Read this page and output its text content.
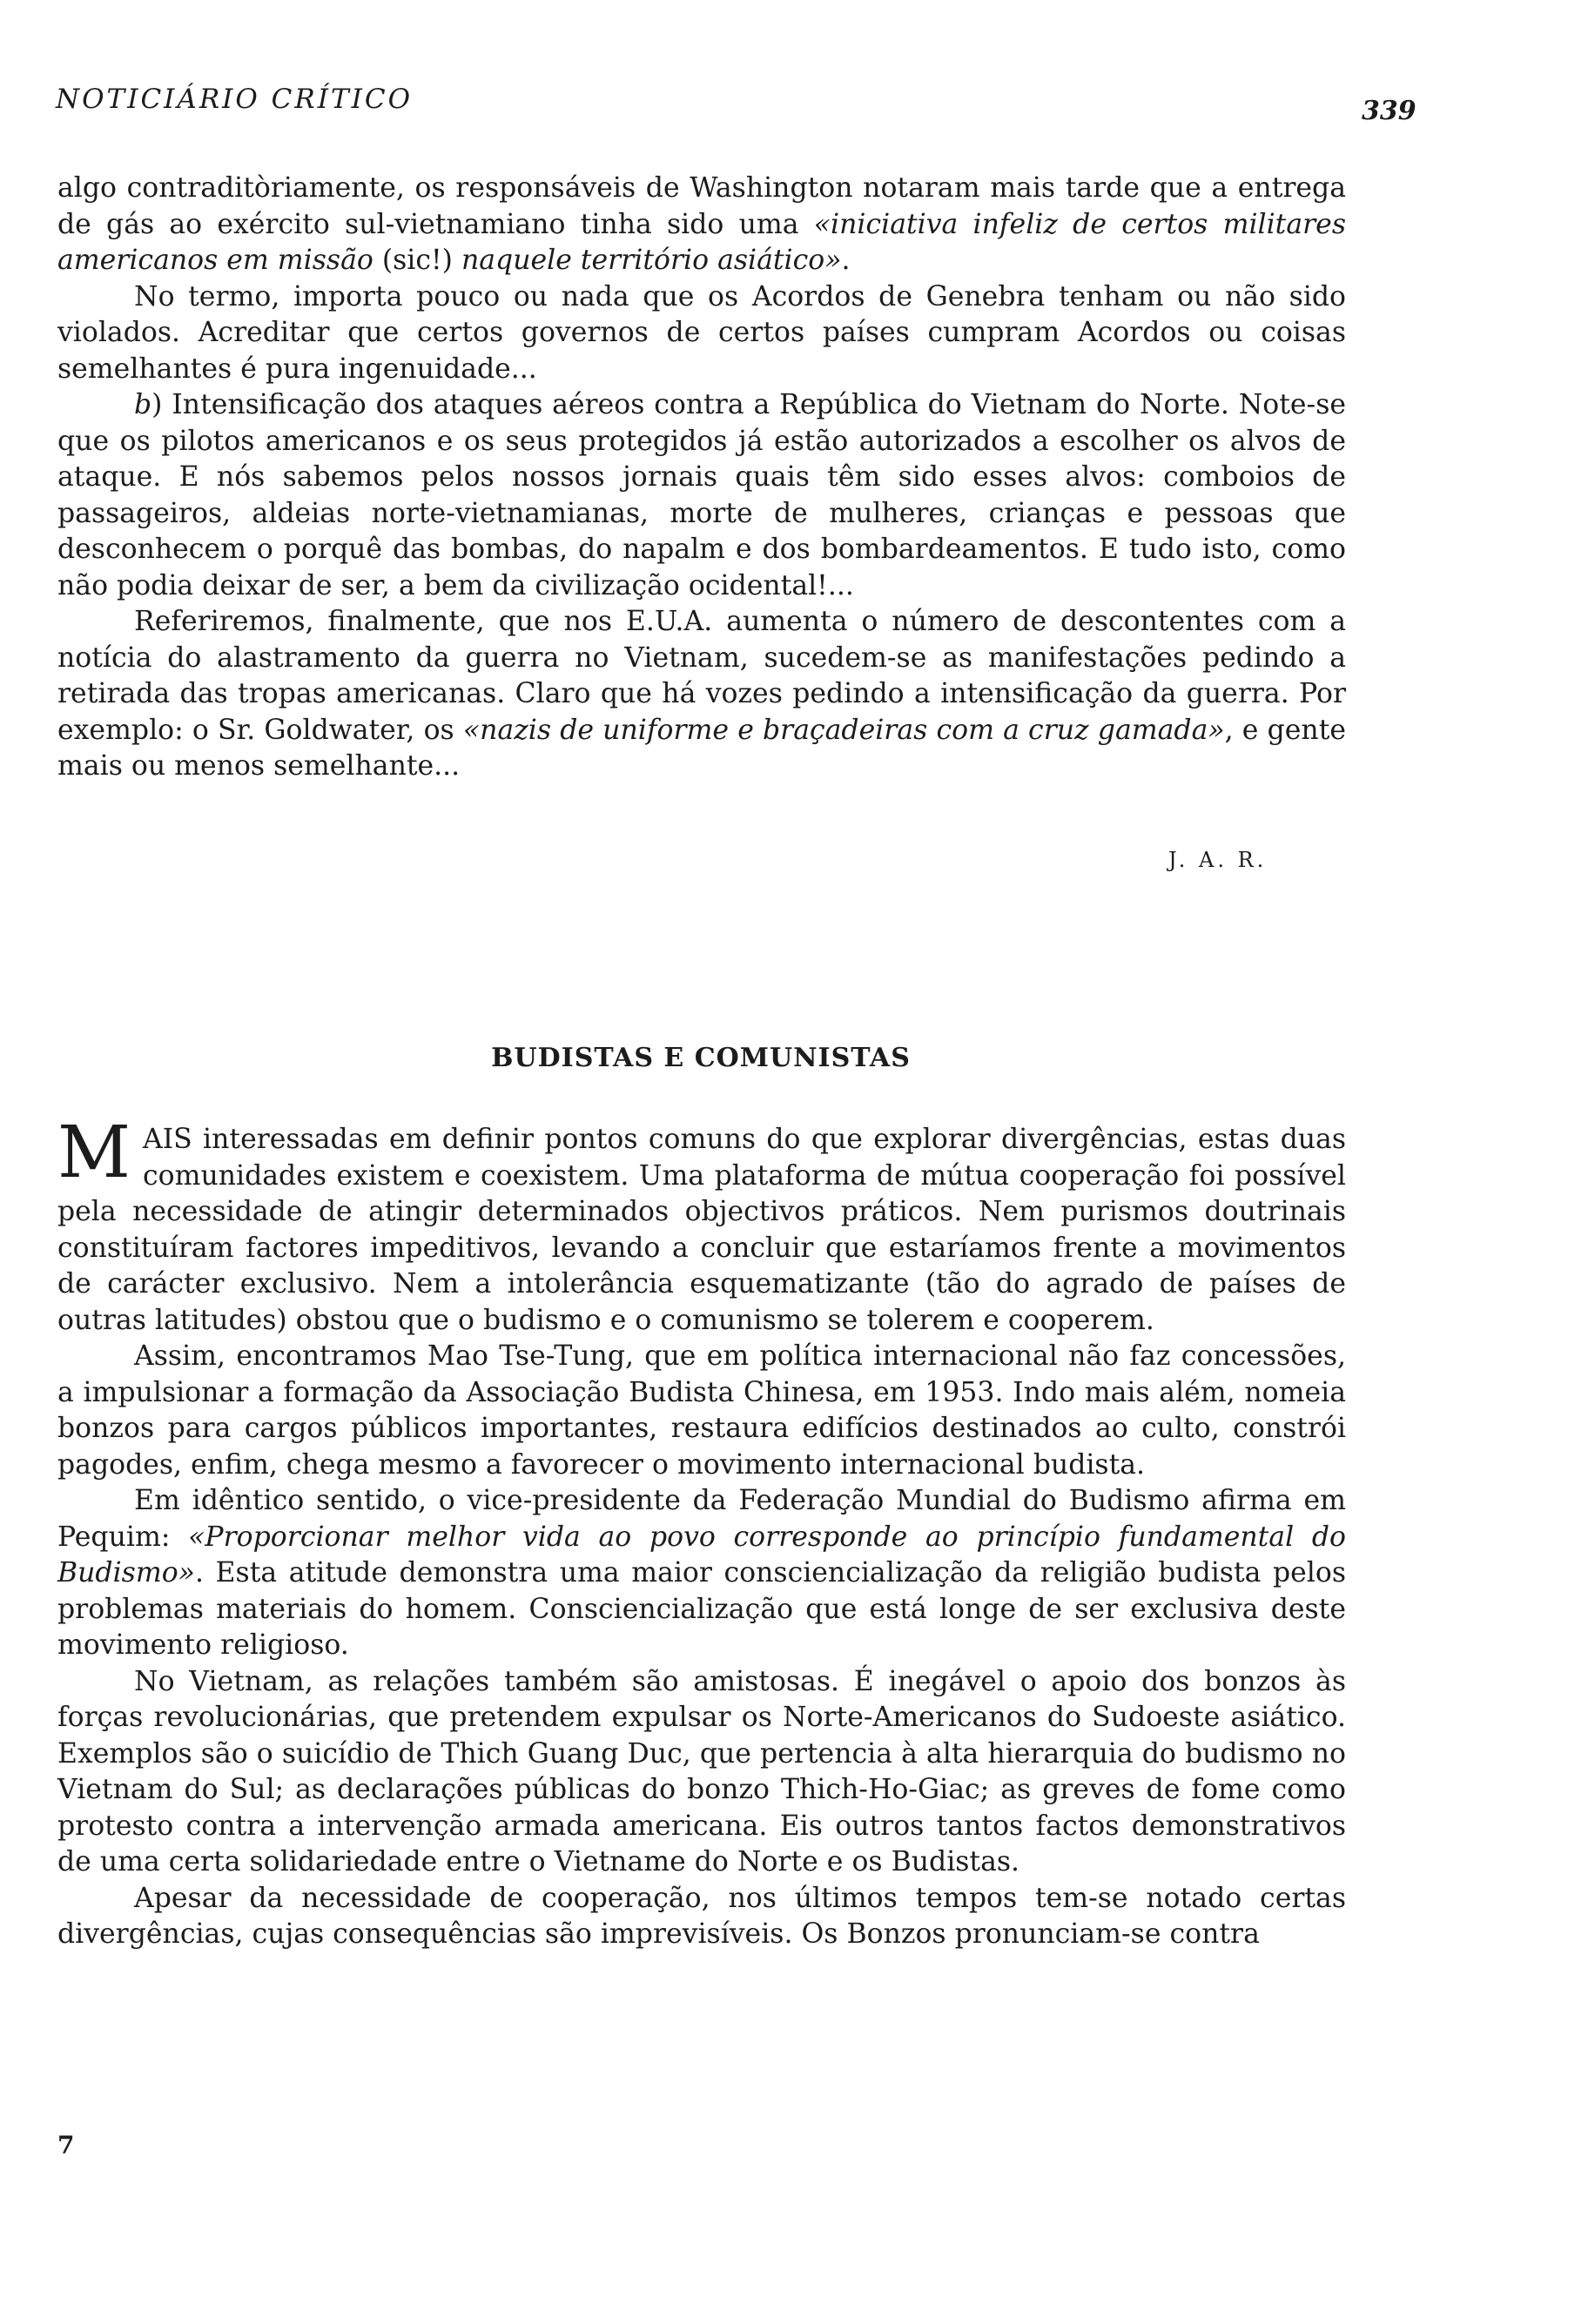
NOTICIÁRIO CRÍTICO	339

algo contraditòriamente, os responsáveis de Washington notaram mais tarde que a entrega de gás ao exército sul-vietnamiano tinha sido uma «iniciativa infeliz de certos militares americanos em missão (sic!) naquele território asiático».

No termo, importa pouco ou nada que os Acordos de Genebra tenham ou não sido violados. Acreditar que certos governos de certos países cumpram Acordos ou coisas semelhantes é pura ingenuidade...

b) Intensificação dos ataques aéreos contra a República do Vietnam do Norte. Note-se que os pilotos americanos e os seus protegidos já estão autorizados a escolher os alvos de ataque. E nós sabemos pelos nossos jornais quais têm sido esses alvos: comboios de passageiros, aldeias norte-vietnamianas, morte de mulheres, crianças e pessoas que desconhecem o porquê das bombas, do napalm e dos bombardeamentos. E tudo isto, como não podia deixar de ser, a bem da civilização ocidental!...

Referiremos, finalmente, que nos E.U.A. aumenta o número de descontentes com a notícia do alastramento da guerra no Vietnam, sucedem-se as manifestações pedindo a retirada das tropas americanas. Claro que há vozes pedindo a intensificação da guerra. Por exemplo: o Sr. Goldwater, os «nazis de uniforme e braçadeiras com a cruz gamada», e gente mais ou menos semelhante...

J. A. R.
BUDISTAS E COMUNISTAS

MAIS interessadas em definir pontos comuns do que explorar divergências, estas duas comunidades existem e coexistem. Uma plataforma de mútua cooperação foi possível pela necessidade de atingir determinados objectivos práticos. Nem purismos doutrinais constituíram factores impeditivos, levando a concluir que estaríamos frente a movimentos de carácter exclusivo. Nem a intolerância esquematizante (tão do agrado de países de outras latitudes) obstou que o budismo e o comunismo se tolerem e cooperem.

Assim, encontramos Mao Tse-Tung, que em política internacional não faz concessões, a impulsionar a formação da Associação Budista Chinesa, em 1953. Indo mais além, nomeia bonzos para cargos públicos importantes, restaura edifícios destinados ao culto, constrói pagodes, enfim, chega mesmo a favorecer o movimento internacional budista.

Em idêntico sentido, o vice-presidente da Federação Mundial do Budismo afirma em Pequim: «Proporcionar melhor vida ao povo corresponde ao princípio fundamental do Budismo». Esta atitude demonstra uma maior consciencialização da religião budista pelos problemas materiais do homem. Consciencialização que está longe de ser exclusiva deste movimento religioso.

No Vietnam, as relações também são amistosas. É inegável o apoio dos bonzos às forças revolucionárias, que pretendem expulsar os Norte-Americanos do Sudoeste asiático. Exemplos são o suicídio de Thich Guang Duc, que pertencia à alta hierarquia do budismo no Vietnam do Sul; as declarações públicas do bonzo Thich-Ho-Giac; as greves de fome como protesto contra a intervenção armada americana. Eis outros tantos factos demonstrativos de uma certa solidariedade entre o Vietname do Norte e os Budistas.

Apesar da necessidade de cooperação, nos últimos tempos tem-se notado certas divergências, cujas consequências são imprevisíveis. Os Bonzos pronunciam-se contra

7
